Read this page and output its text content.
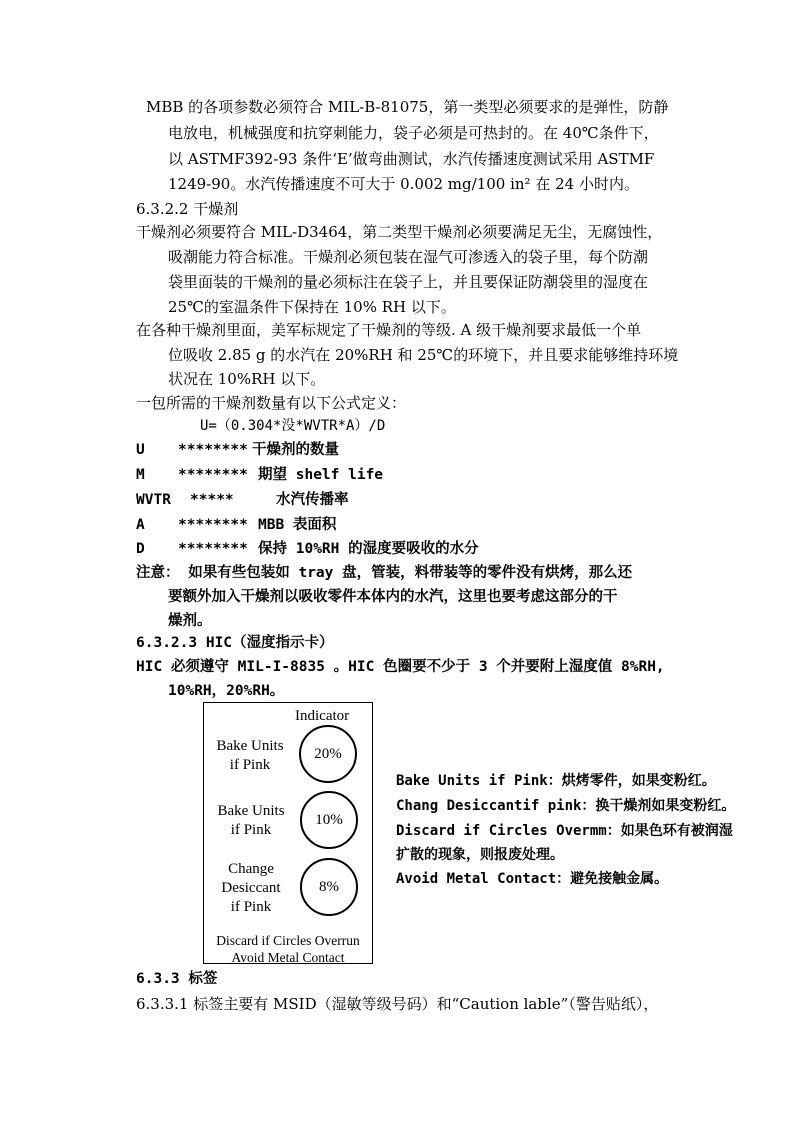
MBB 的各项参数必须符合 MIL-B-81075，第一类型必须要求的是弹性，防静
电放电，机械强度和抗穿刺能力，袋子必须是可热封的。在 40℃条件下，
以 ASTMF392-93 条件‘E’做弯曲测试，水汽传播速度测试采用 ASTMF
1249-90。水汽传播速度不可大于 0.002 mg/100 in² 在 24 小时内。
6.3.2.2 干燥剂
干燥剂必须要符合 MIL-D3464，第二类型干燥剂必须要满足无尘，无腐蚀性，
吸潮能力符合标准。干燥剂必须包装在湿气可渗透入的袋子里，每个防潮
袋里面装的干燥剂的量必须标注在袋子上，并且要保证防潮袋里的湿度在
25℃的室温条件下保持在 10% RH 以下。
在各种干燥剂里面，美军标规定了干燥剂的等级. A 级干燥剂要求最低一个单
位吸收 2.85 g 的水汽在 20%RH 和 25℃的环境下，并且要求能够维持环境
状况在 10%RH 以下。
一包所需的干燥剂数量有以下公式定义：
U=（0.304*没*WVTR*A）/D
U ******** 干燥剂的数量
M ******** 期望 shelf life
WVTR *****	水汽传播率
A ******** MBB 表面积
D ******** 保持 10%RH 的湿度要吸收的水分
注意： 如果有些包装如 tray 盘，管装，料带装等的零件没有烘烤，那么还
要额外加入干燥剂以吸收零件本体内的水汽，这里也要考虑这部分的干
燥剂。
6.3.2.3 HIC（湿度指示卡）
HIC 必须遵守 MIL-I-8835 。HIC 色圈要不少于 3 个并要附上湿度值 8%RH,
10%RH，20%RH。
Indicator
Bake Units
if Pink
20%
Bake Units
if Pink
10%
Change
Desiccant
if Pink
8%
Discard if Circles Overrun
Avoid Metal Contact
Bake Units if Pink：烘烤零件，如果变粉红。
Chang Desiccantif pink：换干燥剂如果变粉红。
Discard if Circles Overmm：如果色环有被润湿
扩散的现象，则报废处理。
Avoid Metal Contact：避免接触金属。
6.3.3 标签
6.3.3.1 标签主要有 MSID（湿敏等级号码）和“Caution lable”（警告贴纸），
